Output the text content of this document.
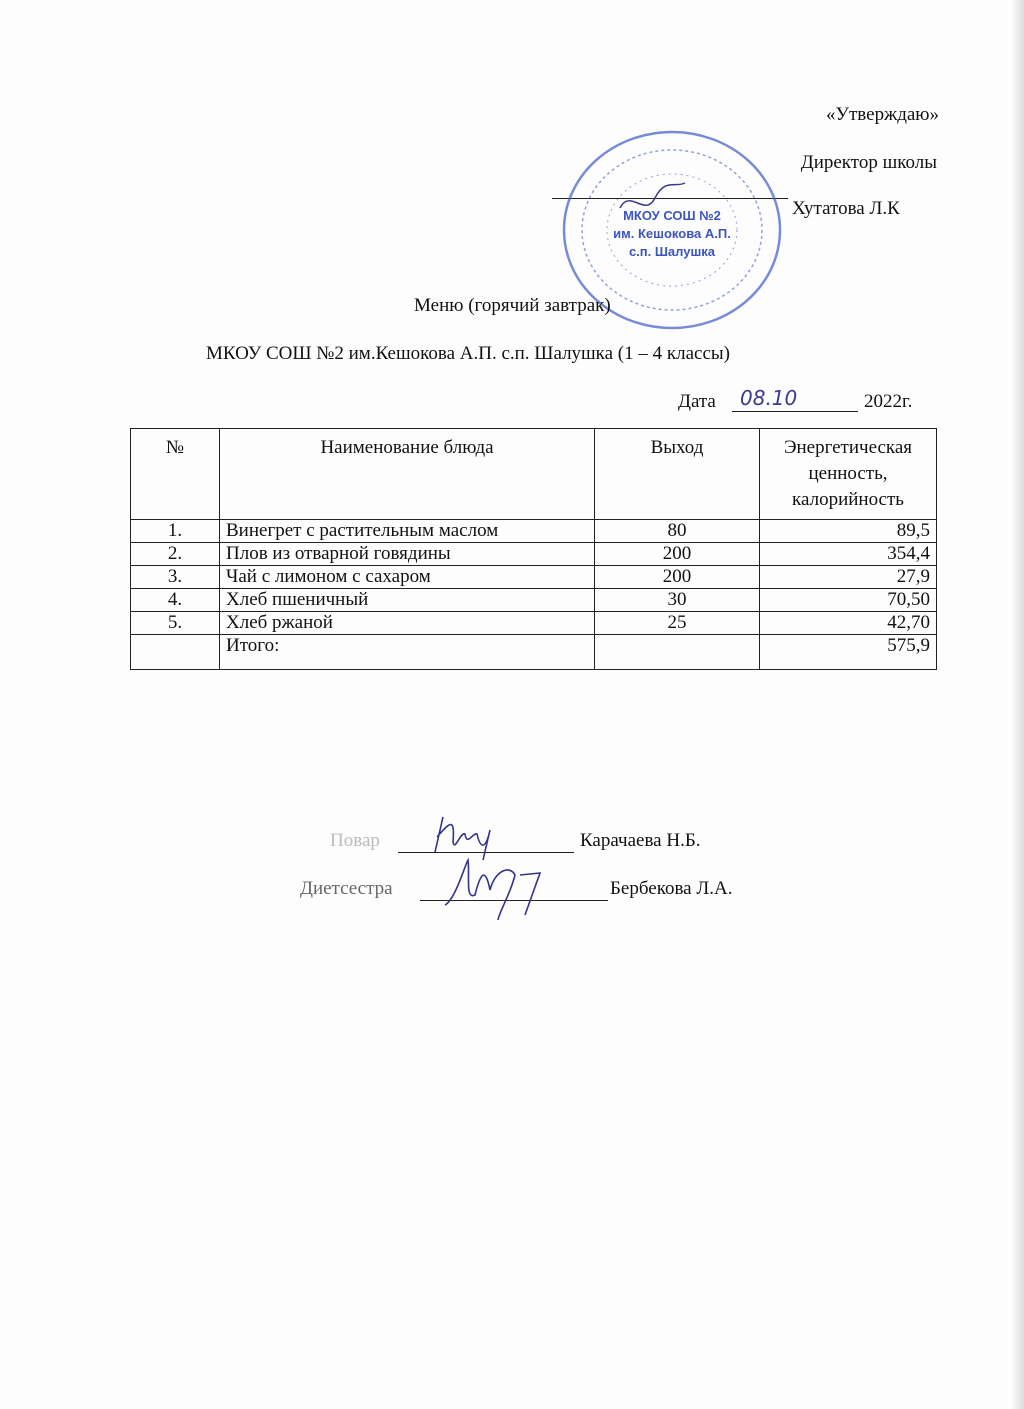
«Утверждаю»
Директор школы
Хутатова Л.К
МКОУ СОШ №2
им. Кешокова А.П.
с.п. Шалушка
Меню (горячий завтрак)
МКОУ СОШ №2 им.Кешокова А.П. с.п. Шалушка (1 – 4 классы)
Дата 08.10	2022г.
№	Наименование блюда	Выход	Энергетическая ценность, калорийность
1.	Винегрет с растительным маслом	80	89,5
2.	Плов из отварной говядины	200	354,4
3.	Чай с лимоном с сахаром	200	27,9
4.	Хлеб пшеничный	30	70,50
5.	Хлеб ржаной	25	42,70
	Итого:		575,9
Повар	Карачаева Н.Б.
Диетсестра	Бербекова Л.А.
